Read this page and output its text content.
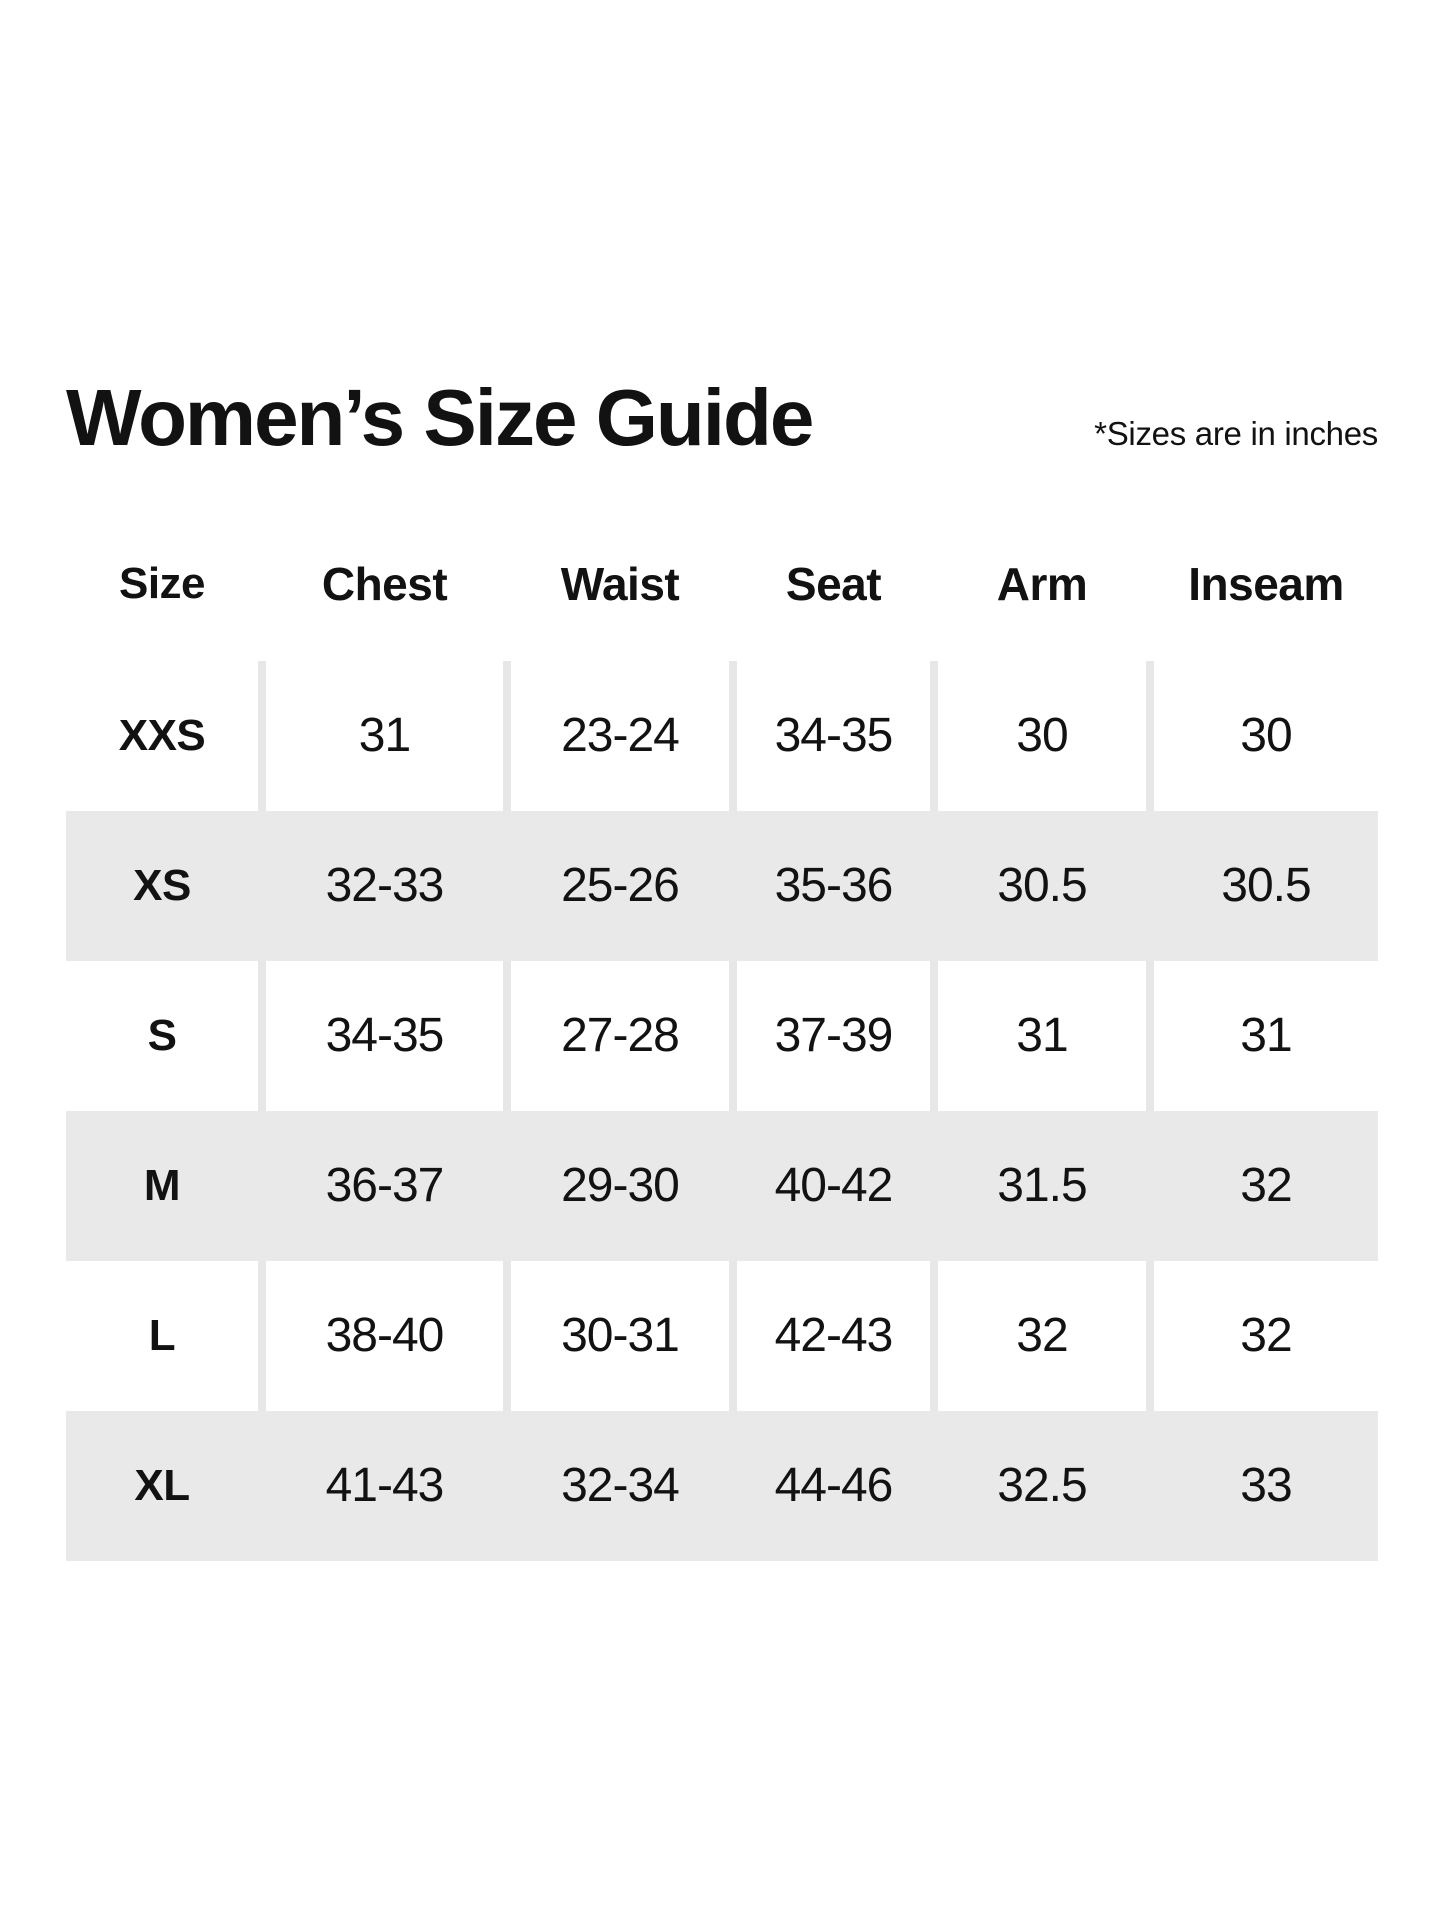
Women’s Size Guide	*Sizes are in inches
Size	Chest	Waist	Seat	Arm	Inseam
XXS	31	23-24	34-35	30	30
XS	32-33	25-26	35-36	30.5	30.5
S	34-35	27-28	37-39	31	31
M	36-37	29-30	40-42	31.5	32
L	38-40	30-31	42-43	32	32
XL	41-43	32-34	44-46	32.5	33
